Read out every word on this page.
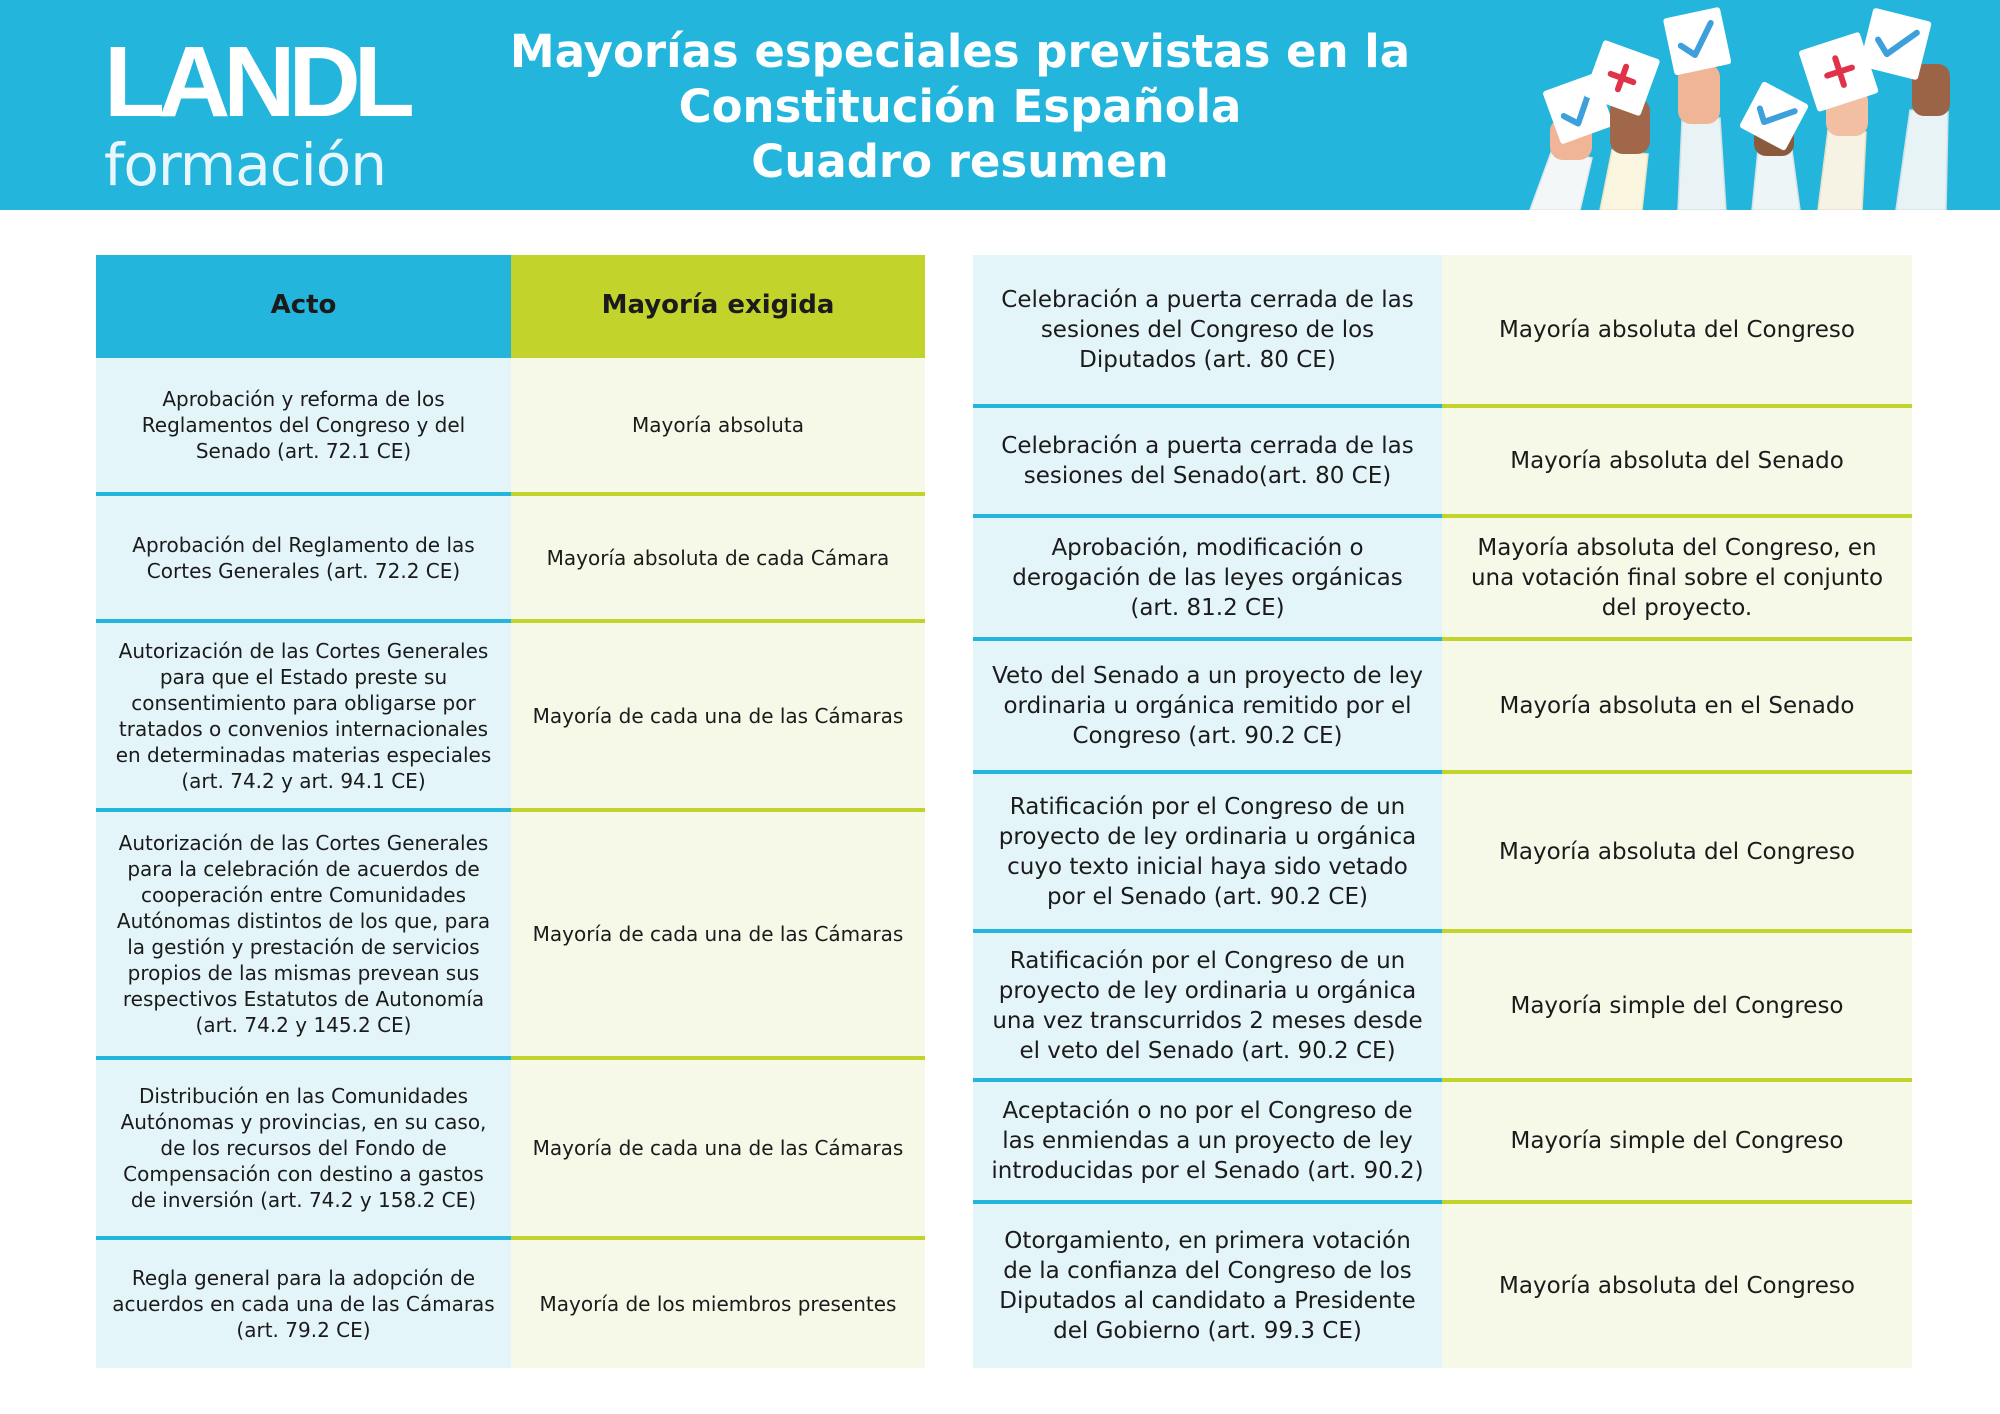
LANDL
formación
Mayorías especiales previstas en la
Constitución Española
Cuadro resumen
Acto	Mayoría exigida
Aprobación y reforma de los Reglamentos del Congreso y del Senado (art. 72.1 CE)	Mayoría absoluta
Aprobación del Reglamento de las Cortes Generales (art. 72.2 CE)	Mayoría absoluta de cada Cámara
Autorización de las Cortes Generales para que el Estado preste su consentimiento para obligarse por tratados o convenios internacionales en determinadas materias especiales (art. 74.2 y art. 94.1 CE)	Mayoría de cada una de las Cámaras
Autorización de las Cortes Generales para la celebración de acuerdos de cooperación entre Comunidades Autónomas distintos de los que, para la gestión y prestación de servicios propios de las mismas prevean sus respectivos Estatutos de Autonomía (art. 74.2 y 145.2 CE)	Mayoría de cada una de las Cámaras
Distribución en las Comunidades Autónomas y provincias, en su caso, de los recursos del Fondo de Compensación con destino a gastos de inversión (art. 74.2 y 158.2 CE)	Mayoría de cada una de las Cámaras
Regla general para la adopción de acuerdos en cada una de las Cámaras (art. 79.2 CE)	Mayoría de los miembros presentes
Celebración a puerta cerrada de las sesiones del Congreso de los Diputados (art. 80 CE)	Mayoría absoluta del Congreso
Celebración a puerta cerrada de las sesiones del Senado(art. 80 CE)	Mayoría absoluta del Senado
Aprobación, modificación o derogación de las leyes orgánicas (art. 81.2 CE)	Mayoría absoluta del Congreso, en una votación final sobre el conjunto del proyecto.
Veto del Senado a un proyecto de ley ordinaria u orgánica remitido por el Congreso (art. 90.2 CE)	Mayoría absoluta en el Senado
Ratificación por el Congreso de un proyecto de ley ordinaria u orgánica cuyo texto inicial haya sido vetado por el Senado (art. 90.2 CE)	Mayoría absoluta del Congreso
Ratificación por el Congreso de un proyecto de ley ordinaria u orgánica una vez transcurridos 2 meses desde el veto del Senado (art. 90.2 CE)	Mayoría simple del Congreso
Aceptación o no por el Congreso de las enmiendas a un proyecto de ley introducidas por el Senado (art. 90.2)	Mayoría simple del Congreso
Otorgamiento, en primera votación de la confianza del Congreso de los Diputados al candidato a Presidente del Gobierno (art. 99.3 CE)	Mayoría absoluta del Congreso
